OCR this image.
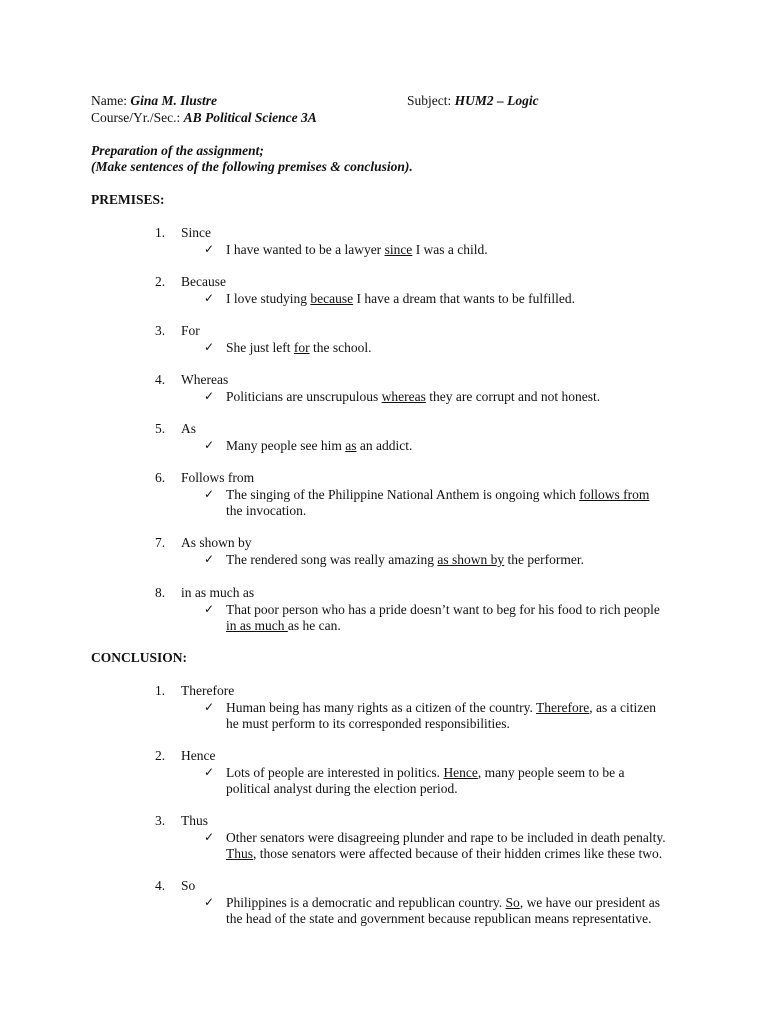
Name: Gina M. Ilustre	Subject: HUM2 – Logic
Course/Yr./Sec.: AB Political Science 3A
Preparation of the assignment;
(Make sentences of the following premises & conclusion).
PREMISES:
1. Since
✓ I have wanted to be a lawyer since I was a child.
2. Because
✓ I love studying because I have a dream that wants to be fulfilled.
3. For
✓ She just left for the school.
4. Whereas
✓ Politicians are unscrupulous whereas they are corrupt and not honest.
5. As
✓ Many people see him as an addict.
6. Follows from
✓ The singing of the Philippine National Anthem is ongoing which follows from
the invocation.
7. As shown by
✓ The rendered song was really amazing as shown by the performer.
8. in as much as
✓ That poor person who has a pride doesn’t want to beg for his food to rich people
in as much as he can.
CONCLUSION:
1. Therefore
✓ Human being has many rights as a citizen of the country. Therefore, as a citizen
he must perform to its corresponded responsibilities.
2. Hence
✓ Lots of people are interested in politics. Hence, many people seem to be a
political analyst during the election period.
3. Thus
✓ Other senators were disagreeing plunder and rape to be included in death penalty.
Thus, those senators were affected because of their hidden crimes like these two.
4. So
✓ Philippines is a democratic and republican country. So, we have our president as
the head of the state and government because republican means representative.
